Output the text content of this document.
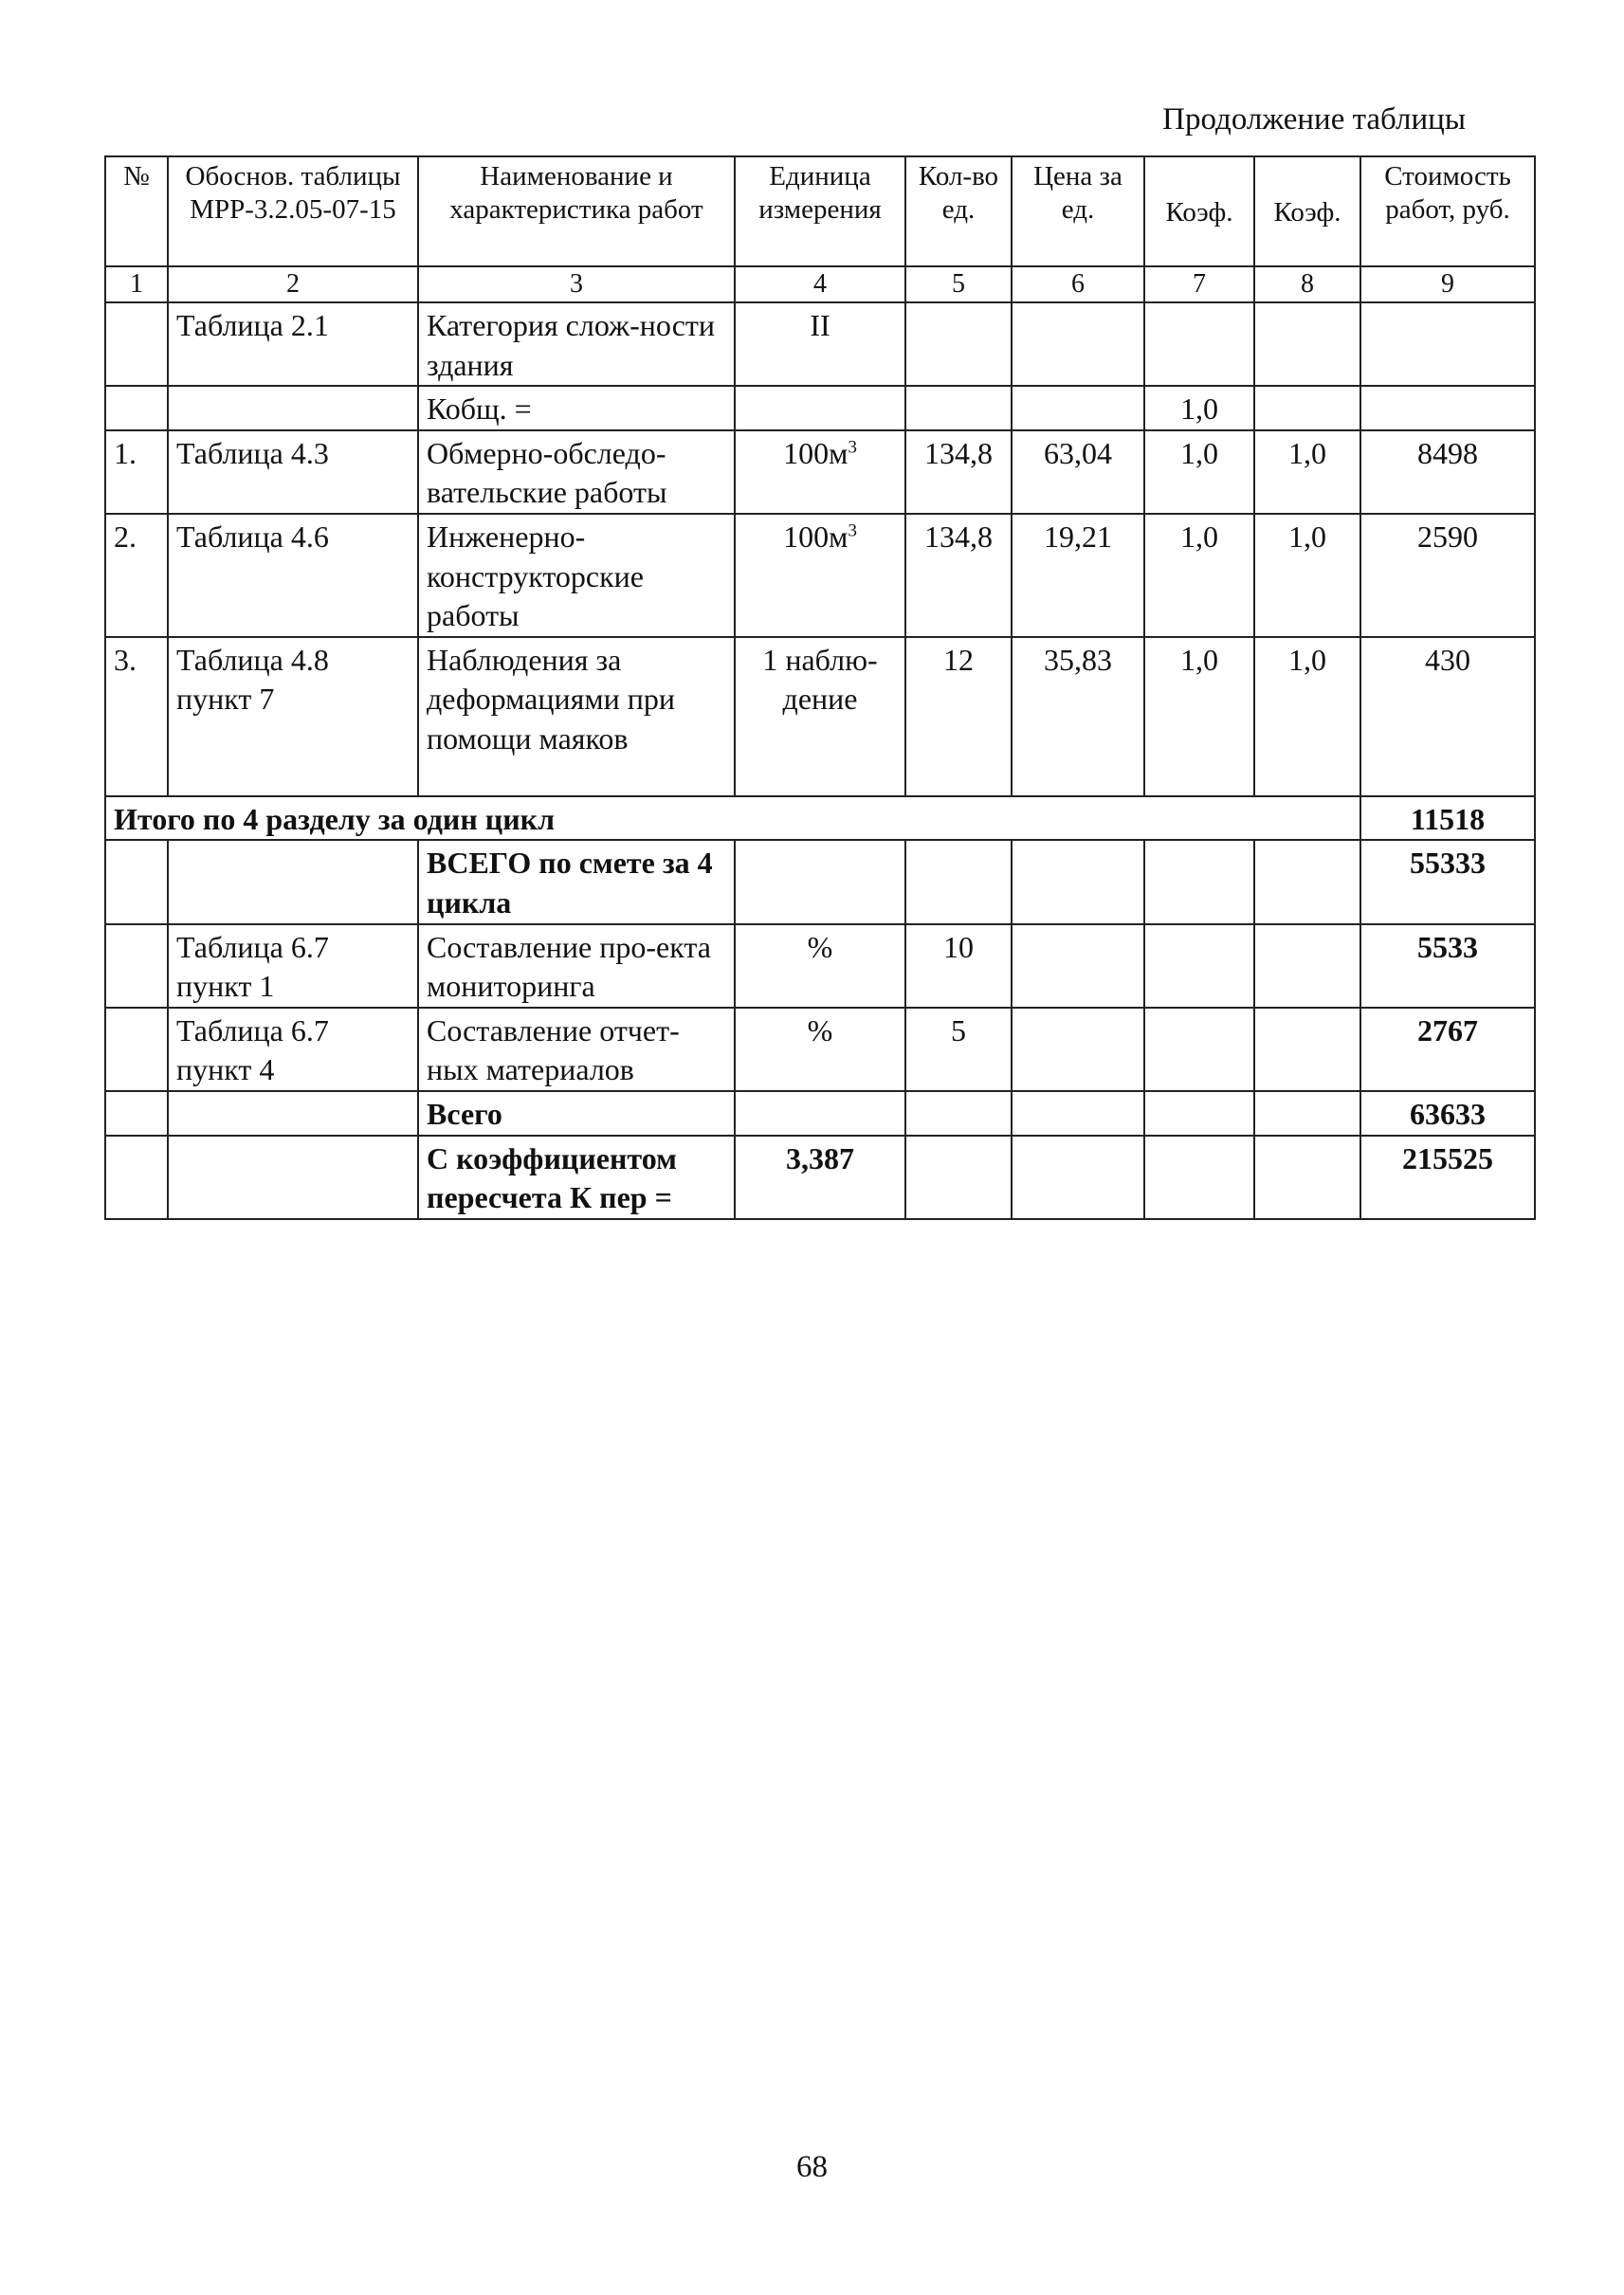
Продолжение таблицы
№	Обоснов. таблицы МРР-3.2.05-07-15	Наименование и характеристика работ	Единица измерения	Кол-во ед.	Цена за ед.	Коэф.	Коэф.	Стоимость работ, руб.
1	2	3	4	5	6	7	8	9
	Таблица 2.1	Категория слож-ности здания	II					
		Кобщ. =				1,0		
1.	Таблица 4.3	Обмерно-обследо-вательские работы	$100м^3$	134,8	63,04	1,0	1,0	8498
2.	Таблица 4.6	Инженерно-конструкторские работы	$100м^3$	134,8	19,21	1,0	1,0	2590
3.	Таблица 4.8 пункт 7	Наблюдения за деформациями при помощи маяков	1 наблю-дение	12	35,83	1,0	1,0	430
Итого по 4 разделу за один цикл								11518
		ВСЕГО по смете за 4 цикла						55333
	Таблица 6.7 пункт 1	Составление про-екта мониторинга	%	10				5533
	Таблица 6.7 пункт 4	Составление отчет-ных материалов	%	5				2767
		Всего						63633
		С коэффициентом пересчета К пер =	3,387					215525
68
